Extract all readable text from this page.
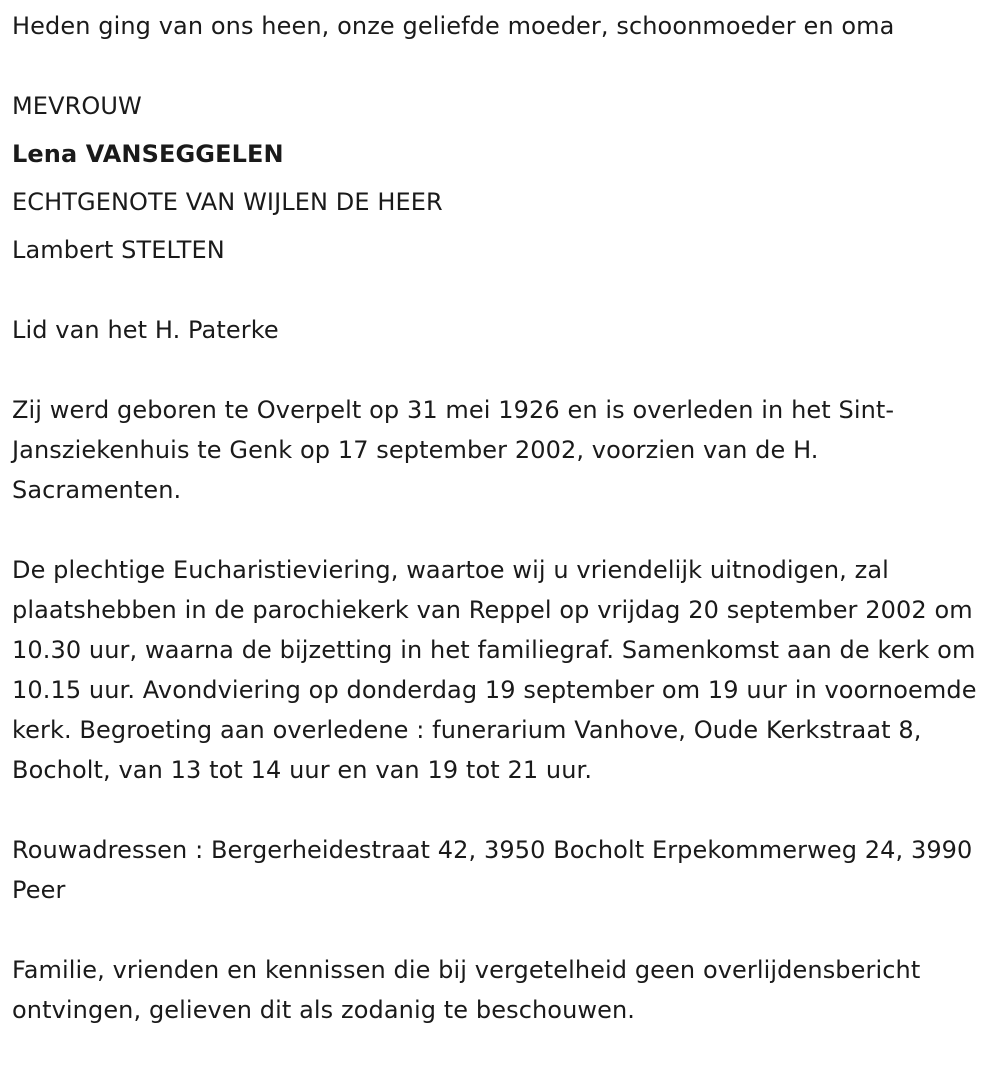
Heden ging van ons heen, onze geliefde moeder, schoonmoeder en oma

MEVROUW

Lena VANSEGGELEN

ECHTGENOTE VAN WIJLEN DE HEER

Lambert STELTEN

Lid van het H. Paterke

Zij werd geboren te Overpelt op 31 mei 1926 en is overleden in het Sint-Jansziekenhuis te Genk op 17 september 2002, voorzien van de H. Sacramenten.

De plechtige Eucharistieviering, waartoe wij u vriendelijk uitnodigen, zal plaatshebben in de parochiekerk van Reppel op vrijdag 20 september 2002 om 10.30 uur, waarna de bijzetting in het familiegraf. Samenkomst aan de kerk om 10.15 uur. Avondviering op donderdag 19 september om 19 uur in voornoemde kerk. Begroeting aan overledene : funerarium Vanhove, Oude Kerkstraat 8, Bocholt, van 13 tot 14 uur en van 19 tot 21 uur.

Rouwadressen : Bergerheidestraat 42, 3950 Bocholt Erpekommerweg 24, 3990 Peer

Familie, vrienden en kennissen die bij vergetelheid geen overlijdensbericht ontvingen, gelieven dit als zodanig te beschouwen.
